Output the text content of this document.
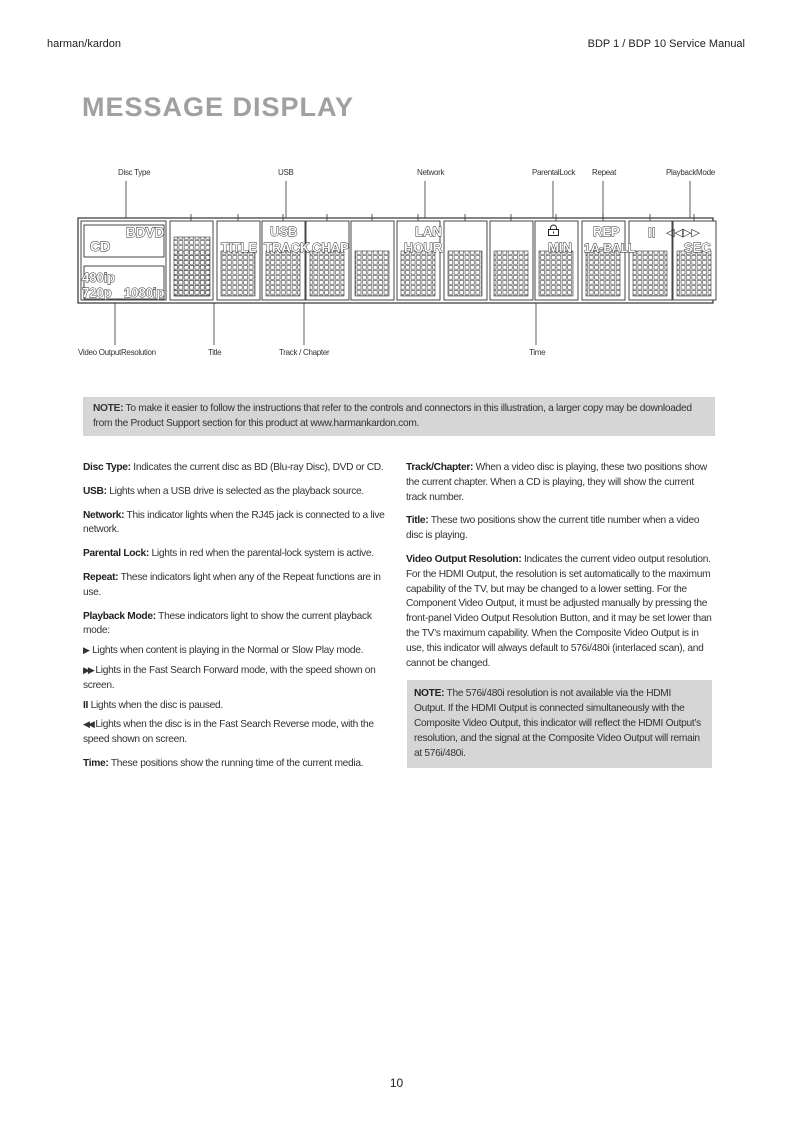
harman/kardon	BDP 1 / BDP 10 Service Manual
MESSAGE DISPLAY
Disc Type	USB	Network	ParentalLock Repeat	PlaybackMode
Video OutputResolution	Title	Track / Chapter	Time
BDVD
CD
480ip
720p 1080ip
TITLE
USB
TRACK CHAP
LAN
HOUR	MIN
REP
1A-BALL
II ◁◁▷▷
SEC
NOTE: To make it easier to follow the instructions that refer to the controls and connectors in this illustration, a larger copy may be downloaded from the Product Support section for this product at www.harmankardon.com.

Disc Type: Indicates the current disc as BD (Blu-ray Disc), DVD or CD.

USB: Lights when a USB drive is selected as the playback source.

Network: This indicator lights when the RJ45 jack is connected to a live network.

Parental Lock: Lights in red when the parental-lock system is active.

Repeat: These indicators light when any of the Repeat functions are in use.

Playback Mode: These indicators light to show the current playback mode:

▶ Lights when content is playing in the Normal or Slow Play mode.

▶▶ Lights in the Fast Search Forward mode, with the speed shown on screen.

II Lights when the disc is paused.

◀◀ Lights when the disc is in the Fast Search Reverse mode, with the speed shown on screen.

Time: These positions show the running time of the current media.

Track/Chapter: When a video disc is playing, these two positions show the current chapter. When a CD is playing, they will show the current track number.

Title: These two positions show the current title number when a video disc is playing.

Video Output Resolution: Indicates the current video output resolution. For the HDMI Output, the resolution is set automatically to the maximum capability of the TV, but may be changed to a lower setting. For the Component Video Output, it must be adjusted manually by pressing the front-panel Video Output Resolution Button, and it may be set lower than the TV’s maximum capability. When the Composite Video Output is in use, this indicator will always default to 576i/480i (interlaced scan), and cannot be changed.

NOTE: The 576i/480i resolution is not available via the HDMI Output. If the HDMI Output is connected simultaneously with the Composite Video Output, this indicator will reflect the HDMI Output’s resolution, and the signal at the Composite Video Output will remain at 576i/480i.
10
